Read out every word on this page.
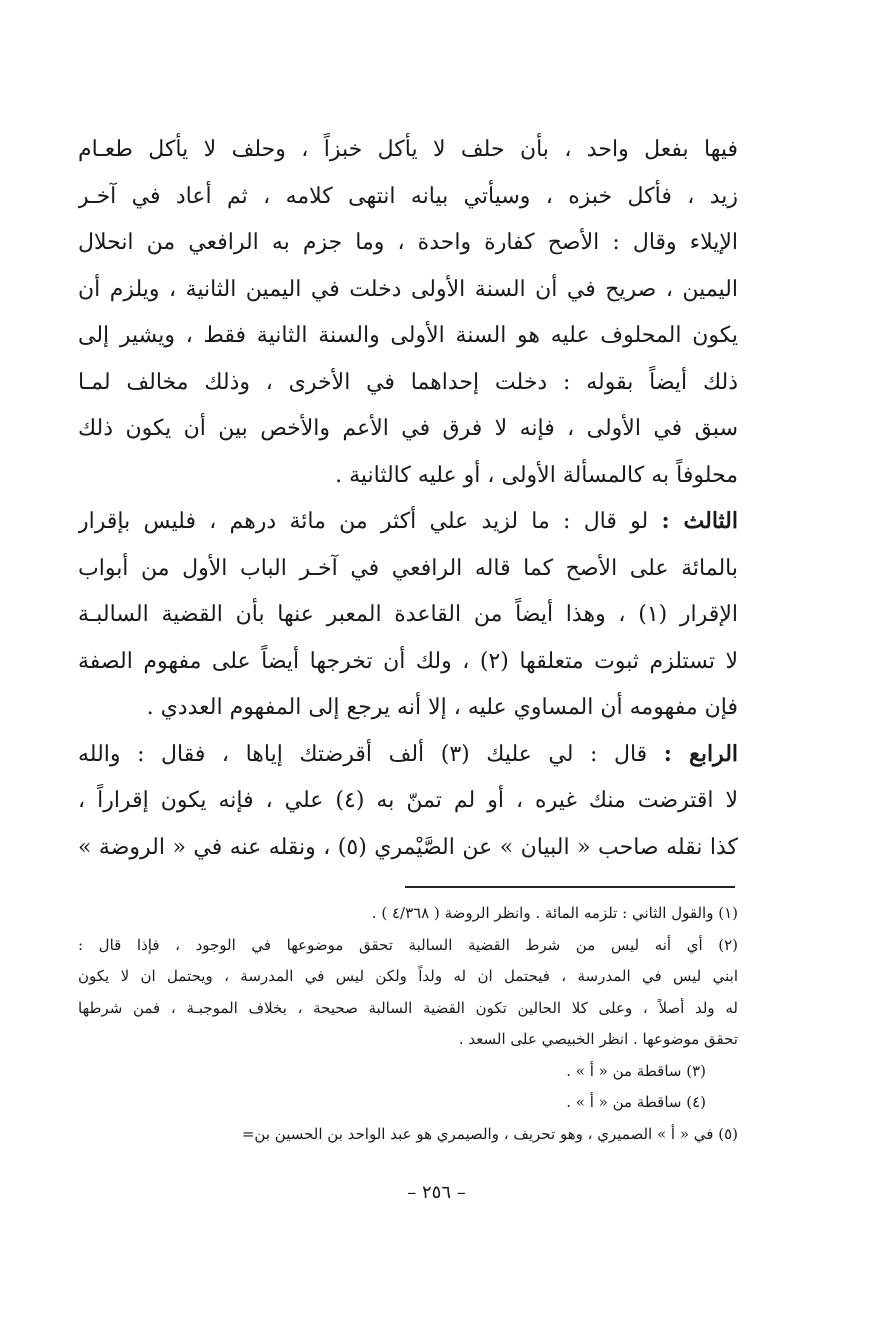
فيها بفعل واحد ، بأن حلف لا يأكل خبزاً ، وحلف لا يأكل طعـام
زيد ، فأكل خبزه ، وسيأتي بيانه انتهى كلامه ، ثم أعاد في آخـر
الإيلاء وقال : الأصح كفارة واحدة ، وما جزم به الرافعي من انحلال
اليمين ، صريح في أن السنة الأولى دخلت في اليمين الثانية ، ويلزم أن
يكون المحلوف عليه هو السنة الأولى والسنة الثانية فقط ، ويشير إلى
ذلك أيضاً بقوله : دخلت إحداهما في الأخرى ، وذلك مخالف لمـا
سبق في الأولى ، فإنه لا فرق في الأعم والأخص بين أن يكون ذلك
محلوفاً به كالمسألة الأولى ، أو عليه كالثانية .
الثالث : لو قال : ما لزيد علي أكثر من مائة درهم ، فليس بإقرار
بالمائة على الأصح كما قاله الرافعي في آخـر الباب الأول من أبواب
الإقرار (١) ، وهذا أيضاً من القاعدة المعبر عنها بأن القضية السالبـة
لا تستلزم ثبوت متعلقها (٢) ، ولك أن تخرجها أيضاً على مفهوم الصفة
فإن مفهومه أن المساوي عليه ، إلا أنه يرجع إلى المفهوم العددي .
الرابع : قال : لي عليك (٣) ألف أقرضتك إياها ، فقال : والله
لا اقترضت منك غيره ، أو لم تمنّ به (٤) علي ، فإنه يكون إقراراً ،
كذا نقله صاحب « البيان » عن الصَّيْمري (٥) ، ونقله عنه في « الروضة »
(١) والقول الثاني : تلزمه المائة . وانظر الروضة ( ٤/٣٦٨ ) .
(٢) أي أنه ليس من شرط القضية السالبة تحقق موضوعها في الوجود ، فإذا قال :
ابني ليس في المدرسة ، فيحتمل ان له ولداً ولكن ليس في المدرسة ، ويحتمل ان لا يكون
له ولد أصلاً ، وعلى كلا الحالين تكون القضية السالبة صحيحة ، بخلاف الموجبـة ، فمن شرطها
تحقق موضوعها . انظر الخبيصي على السعد .
(٣) ساقطة من « أ » .
(٤) ساقطة من « أ » .
(٥) في « أ » الصميري ، وهو تحريف ، والصيمري هو عبد الواحد بن الحسين بن=
– ٢٥٦ –
